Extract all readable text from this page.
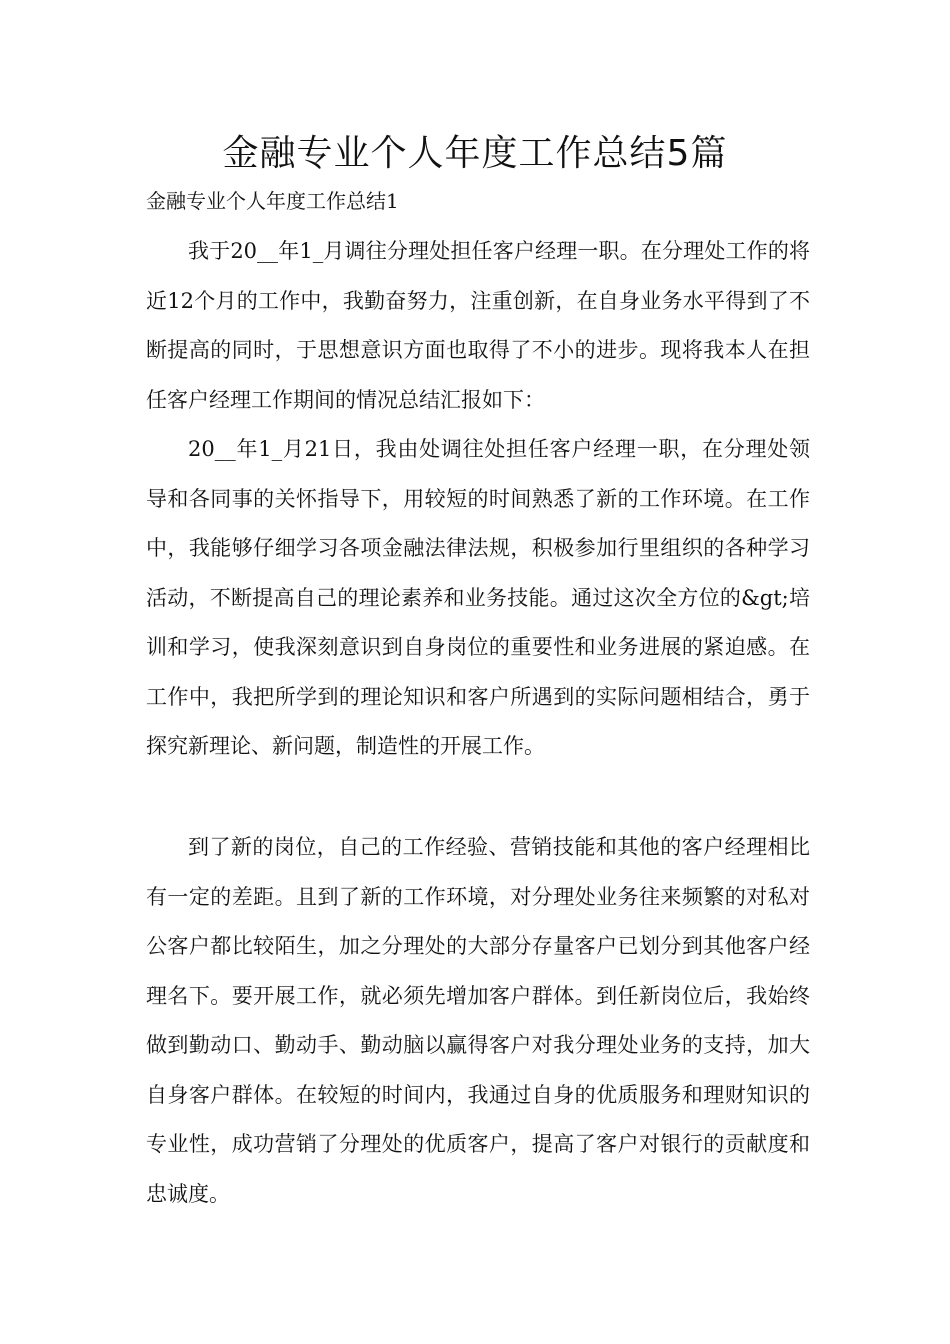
金融专业个人年度工作总结5篇
金融专业个人年度工作总结1

我于20__年1_月调往分理处担任客户经理一职。在分理处工作的将近12个月的工作中，我勤奋努力，注重创新，在自身业务水平得到了不断提高的同时，于思想意识方面也取得了不小的进步。现将我本人在担任客户经理工作期间的情况总结汇报如下：

20__年1_月21日，我由处调往处担任客户经理一职，在分理处领导和各同事的关怀指导下，用较短的时间熟悉了新的工作环境。在工作中，我能够仔细学习各项金融法律法规，积极参加行里组织的各种学习活动，不断提高自己的理论素养和业务技能。通过这次全方位的&gt;培训和学习，使我深刻意识到自身岗位的重要性和业务进展的紧迫感。在工作中，我把所学到的理论知识和客户所遇到的实际问题相结合，勇于探究新理论、新问题，制造性的开展工作。

到了新的岗位，自己的工作经验、营销技能和其他的客户经理相比有一定的差距。且到了新的工作环境，对分理处业务往来频繁的对私对公客户都比较陌生，加之分理处的大部分存量客户已划分到其他客户经理名下。要开展工作，就必须先增加客户群体。到任新岗位后，我始终做到勤动口、勤动手、勤动脑以赢得客户对我分理处业务的支持，加大自身客户群体。在较短的时间内，我通过自身的优质服务和理财知识的专业性，成功营销了分理处的优质客户，提高了客户对银行的贡献度和忠诚度。
